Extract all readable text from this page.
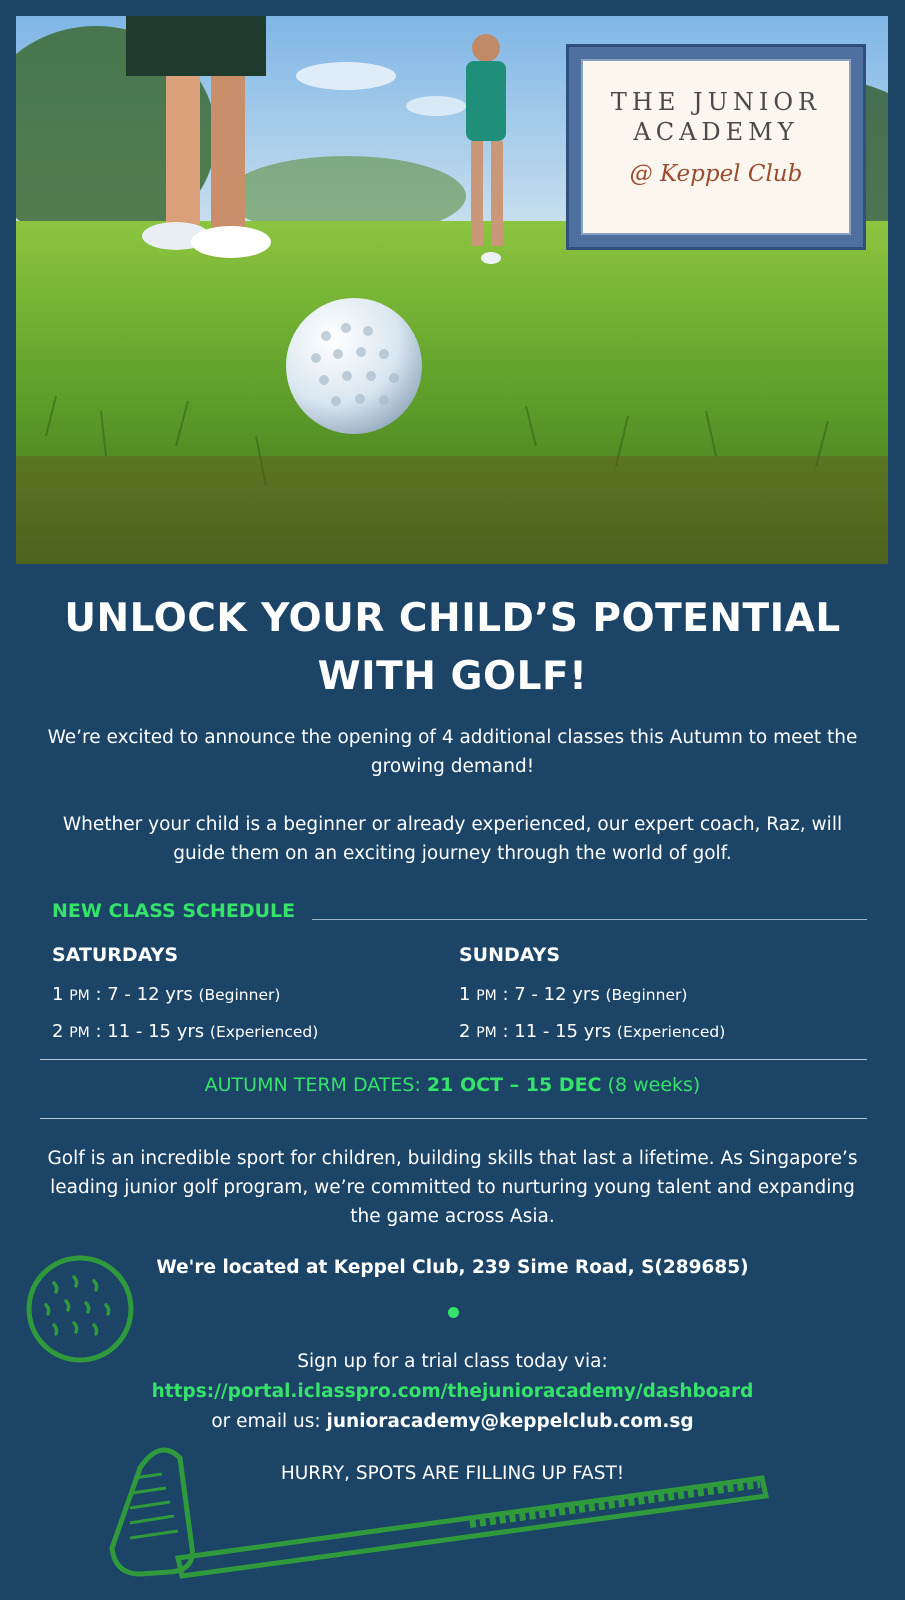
THE JUNIOR
ACADEMY
@ Keppel Club
UNLOCK YOUR CHILD’S POTENTIAL
WITH GOLF!
We’re excited to announce the opening of 4 additional classes this Autumn to meet the growing demand!
Whether your child is a beginner or already experienced, our expert coach, Raz, will guide them on an exciting journey through the world of golf.
NEW CLASS SCHEDULE
SATURDAYS
1 PM : 7 - 12 yrs (Beginner)
2 PM : 11 - 15 yrs (Experienced)
SUNDAYS
1 PM : 7 - 12 yrs (Beginner)
2 PM : 11 - 15 yrs (Experienced)
AUTUMN TERM DATES: 21 OCT – 15 DEC (8 weeks)
Golf is an incredible sport for children, building skills that last a lifetime. As Singapore’s leading junior golf program, we’re committed to nurturing young talent and expanding the game across Asia.
We're located at Keppel Club, 239 Sime Road, S(289685)
Sign up for a trial class today via:
https://portal.iclasspro.com/thejunioracademy/dashboard
or email us: junioracademy@keppelclub.com.sg
HURRY, SPOTS ARE FILLING UP FAST!
